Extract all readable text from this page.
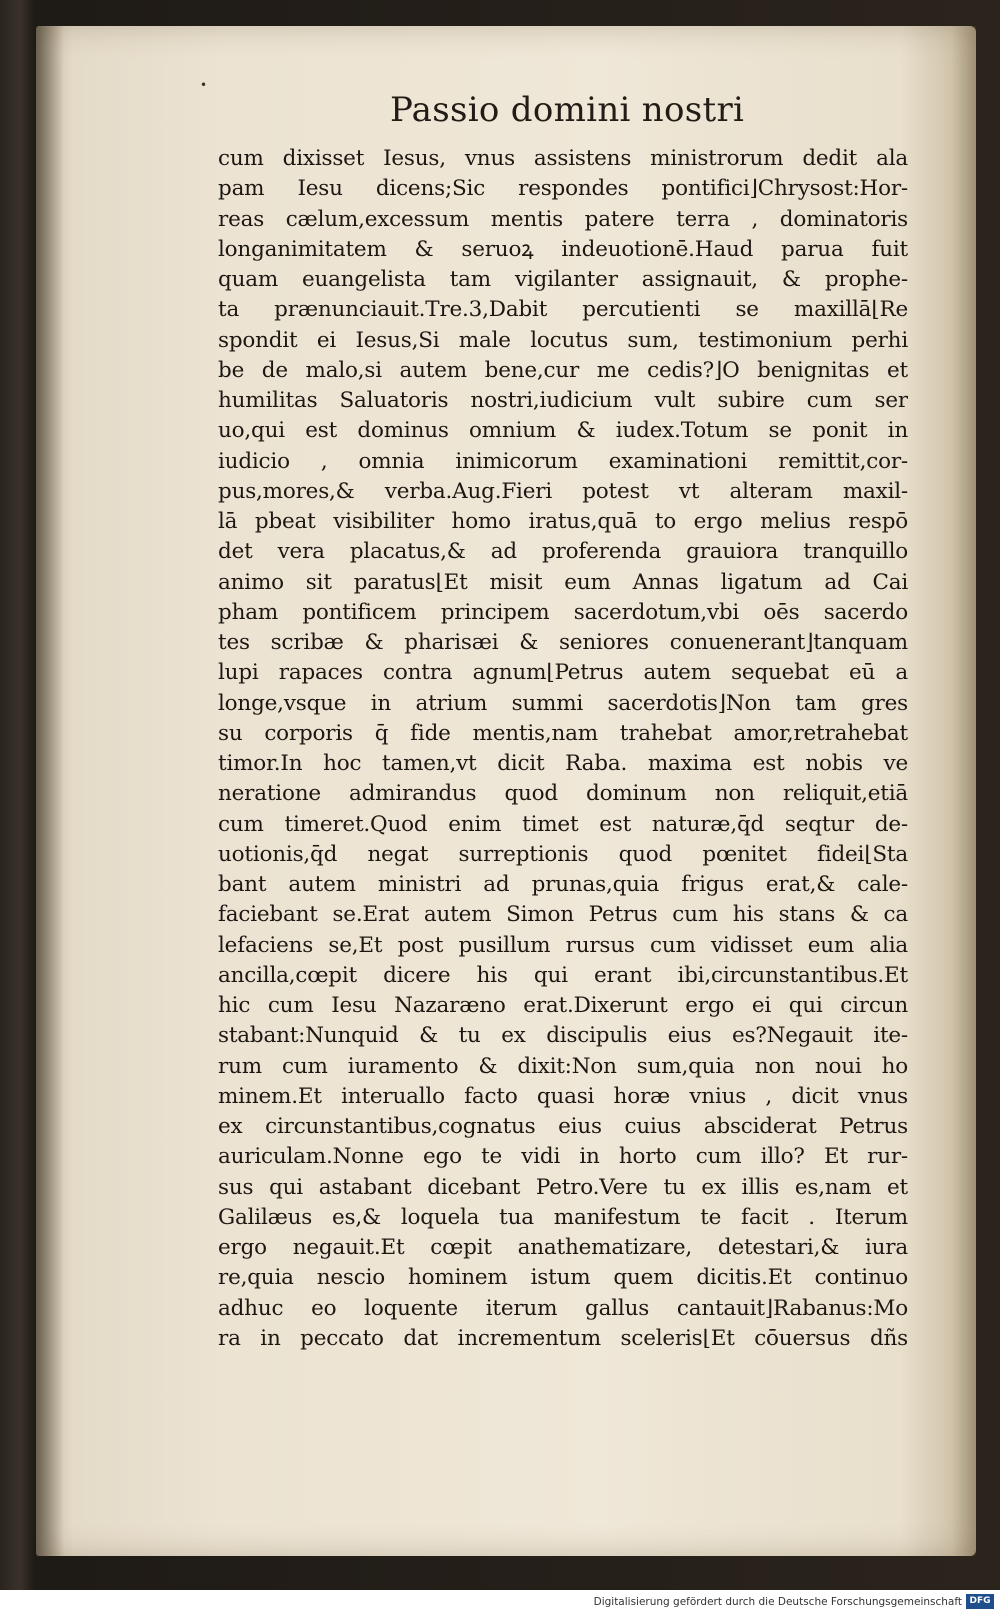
•
Passio domini nostri
cum dixisset Iesus, vnus assistens ministrorum dedit ala
pam Iesu dicens;Sic respondes pontifici⌋Chrysost:Hor-
reas cælum,excessum mentis patere terra , dominatoris
longanimitatem & seruoꝝ indeuotionē.Haud parua fuit
quam euangelista tam vigilanter assignauit, & prophe-
ta prænunciauit.Tre.3,Dabit percutienti se maxillā⌊Re
spondit ei Iesus,Si male locutus sum, testimonium perhi
be de malo,si autem bene,cur me cedis?⌋O benignitas et
humilitas Saluatoris nostri,iudicium vult subire cum ser
uo,qui est dominus omnium & iudex.Totum se ponit in
iudicio , omnia inimicorum examinationi remittit,cor-
pus,mores,& verba.Aug.Fieri potest vt alteram maxil-
lā pbeat visibiliter homo iratus,quā to ergo melius respō
det vera placatus,& ad proferenda grauiora tranquillo
animo sit paratus⌊Et misit eum Annas ligatum ad Cai
pham pontificem principem sacerdotum,vbi oēs sacerdo
tes scribæ & pharisæi & seniores conuenerant⌋tanquam
lupi rapaces contra agnum⌊Petrus autem sequebat eū a
longe,vsque in atrium summi sacerdotis⌋Non tam gres
su corporis q̄ fide mentis,nam trahebat amor,retrahebat
timor.In hoc tamen,vt dicit Raba. maxima est nobis ve
neratione admirandus quod dominum non reliquit,etiā
cum timeret.Quod enim timet est naturæ,q̄d seqtur de-
uotionis,q̄d negat surreptionis quod pœnitet fidei⌊Sta
bant autem ministri ad prunas,quia frigus erat,& cale-
faciebant se.Erat autem Simon Petrus cum his stans & ca
lefaciens se,Et post pusillum rursus cum vidisset eum alia
ancilla,cœpit dicere his qui erant ibi,circunstantibus.Et
hic cum Iesu Nazaræno erat.Dixerunt ergo ei qui circun
stabant:Nunquid & tu ex discipulis eius es?Negauit ite-
rum cum iuramento & dixit:Non sum,quia non noui ho
minem.Et interuallo facto quasi horæ vnius , dicit vnus
ex circunstantibus,cognatus eius cuius absciderat Petrus
auriculam.Nonne ego te vidi in horto cum illo? Et rur-
sus qui astabant dicebant Petro.Vere tu ex illis es,nam et
Galilæus es,& loquela tua manifestum te facit . Iterum
ergo negauit.Et cœpit anathematizare, detestari,& iura
re,quia nescio hominem istum quem dicitis.Et continuo
adhuc eo loquente iterum gallus cantauit⌋Rabanus:Mo
ra in peccato dat incrementum sceleris⌊Et cōuersus dñs
Digitalisierung gefördert durch die Deutsche Forschungsgemeinschaft DFG
